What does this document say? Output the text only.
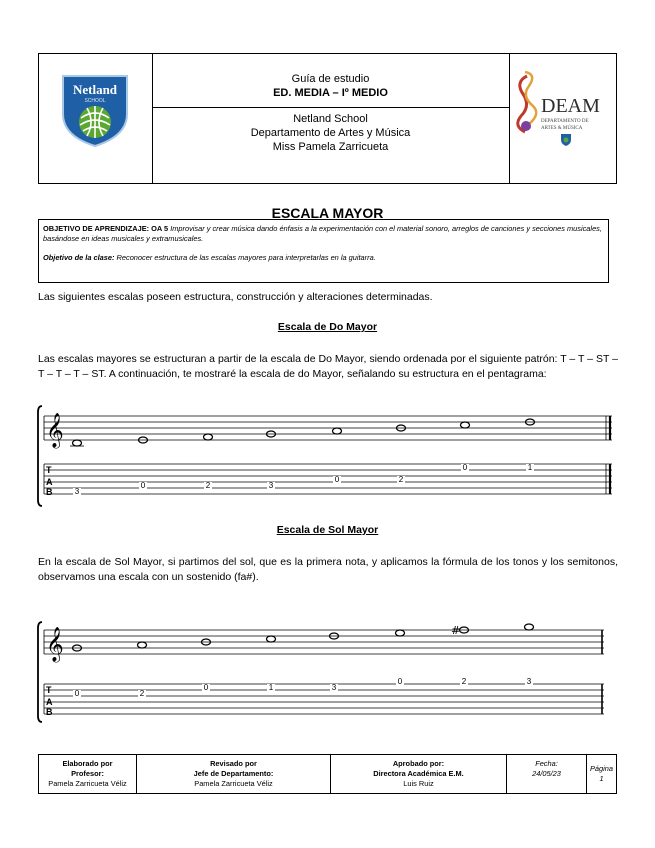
Netland
SCHOOL
Guía de estudio
ED. MEDIA – Iº MEDIO
Netland School
Departamento de Artes y Música
Miss Pamela Zarricueta
DEAM
DEPARTAMENTO DE
ARTES & MÚSICA
ESCALA MAYOR
OBJETIVO DE APRENDIZAJE: OA 5 Improvisar y crear música dando énfasis a la experimentación con el material sonoro, arreglos de canciones y secciones musicales, basándose en ideas musicales y extramusicales.
Objetivo de la clase: Reconocer estructura de las escalas mayores para interpretarlas en la guitarra.
Las siguientes escalas poseen estructura, construcción y alteraciones determinadas.
Escala de Do Mayor
Las escalas mayores se estructuran a partir de la escala de Do Mayor, siendo ordenada por el siguiente patrón: T – T – ST – T – T – T – ST. A continuación, te mostraré la escala de do Mayor, señalando su estructura en el pentagrama:
𝄞
T
A
B	3
0	2	3
0	2
0	1
Escala de Sol Mayor
En la escala de Sol Mayor, si partimos del sol, que es la primera nota, y aplicamos la fórmula de los tonos y los semitonos, observamos una escala con un sostenido (fa#).
𝄞	#
T
A
B
0	2
0	1	3
0	2	3
Elaborado por
Profesor:
Pamela Zarricueta Véliz
Revisado por
Jefe de Departamento:
Pamela Zarricueta Véliz
Aprobado por:
Directora Académica E.M.
Luis Ruiz
Fecha:
24/05/23
Página
1
